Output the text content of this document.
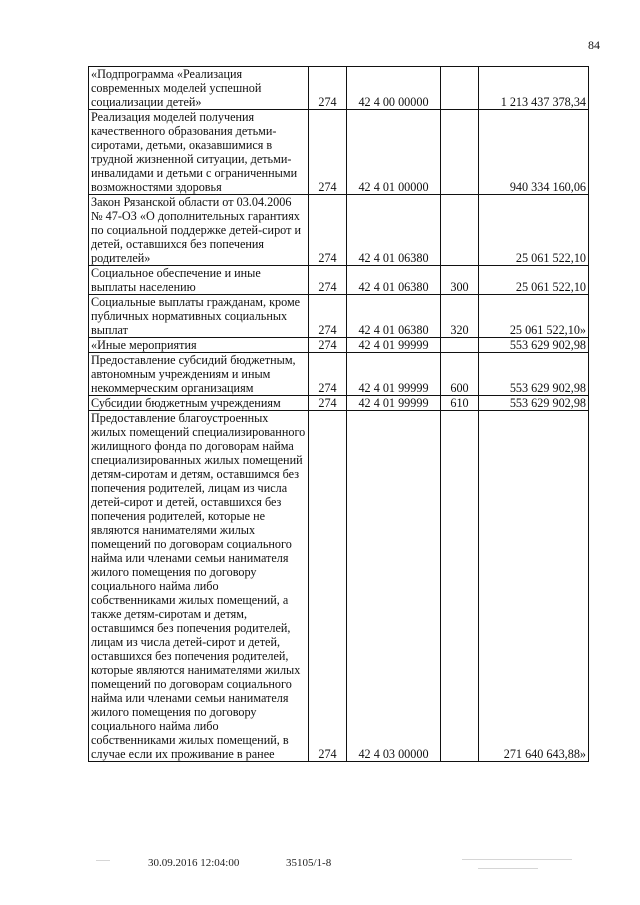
84
«Подпрограмма «Реализация современных моделей успешной социализации детей»	274	42 4 00 00000		1 213 437 378,34
Реализация моделей получения качественного образования детьми-сиротами, детьми, оказавшимися в трудной жизненной ситуации, детьми-инвалидами и детьми с ограниченными возможностями здоровья	274	42 4 01 00000		940 334 160,06
Закон Рязанской области от 03.04.2006 № 47-ОЗ «О дополнительных гарантиях по социальной поддержке детей-сирот и детей, оставшихся без попечения родителей»	274	42 4 01 06380		25 061 522,10
Социальное обеспечение и иные выплаты населению	274	42 4 01 06380	300	25 061 522,10
Социальные выплаты гражданам, кроме публичных нормативных социальных выплат	274	42 4 01 06380	320	25 061 522,10»
«Иные мероприятия	274	42 4 01 99999		553 629 902,98
Предоставление субсидий бюджетным, автономным учреждениям и иным некоммерческим организациям	274	42 4 01 99999	600	553 629 902,98
Субсидии бюджетным учреждениям	274	42 4 01 99999	610	553 629 902,98
Предоставление благоустроенных жилых помещений специализированного жилищного фонда по договорам найма специализированных жилых помещений детям-сиротам и детям, оставшимся без попечения родителей, лицам из числа детей-сирот и детей, оставшихся без попечения родителей, которые не являются нанимателями жилых помещений по договорам социального найма или членами семьи нанимателя жилого помещения по договору социального найма либо собственниками жилых помещений, а также детям-сиротам и детям, оставшимся без попечения родителей, лицам из числа детей-сирот и детей, оставшихся без попечения родителей, которые являются нанимателями жилых помещений по договорам социального найма или членами семьи нанимателя жилого помещения по договору социального найма либо собственниками жилых помещений, в случае если их проживание в ранее	274	42 4 03 00000		271 640 643,88»
30.09.2016 12:04:00	35105/1-8
